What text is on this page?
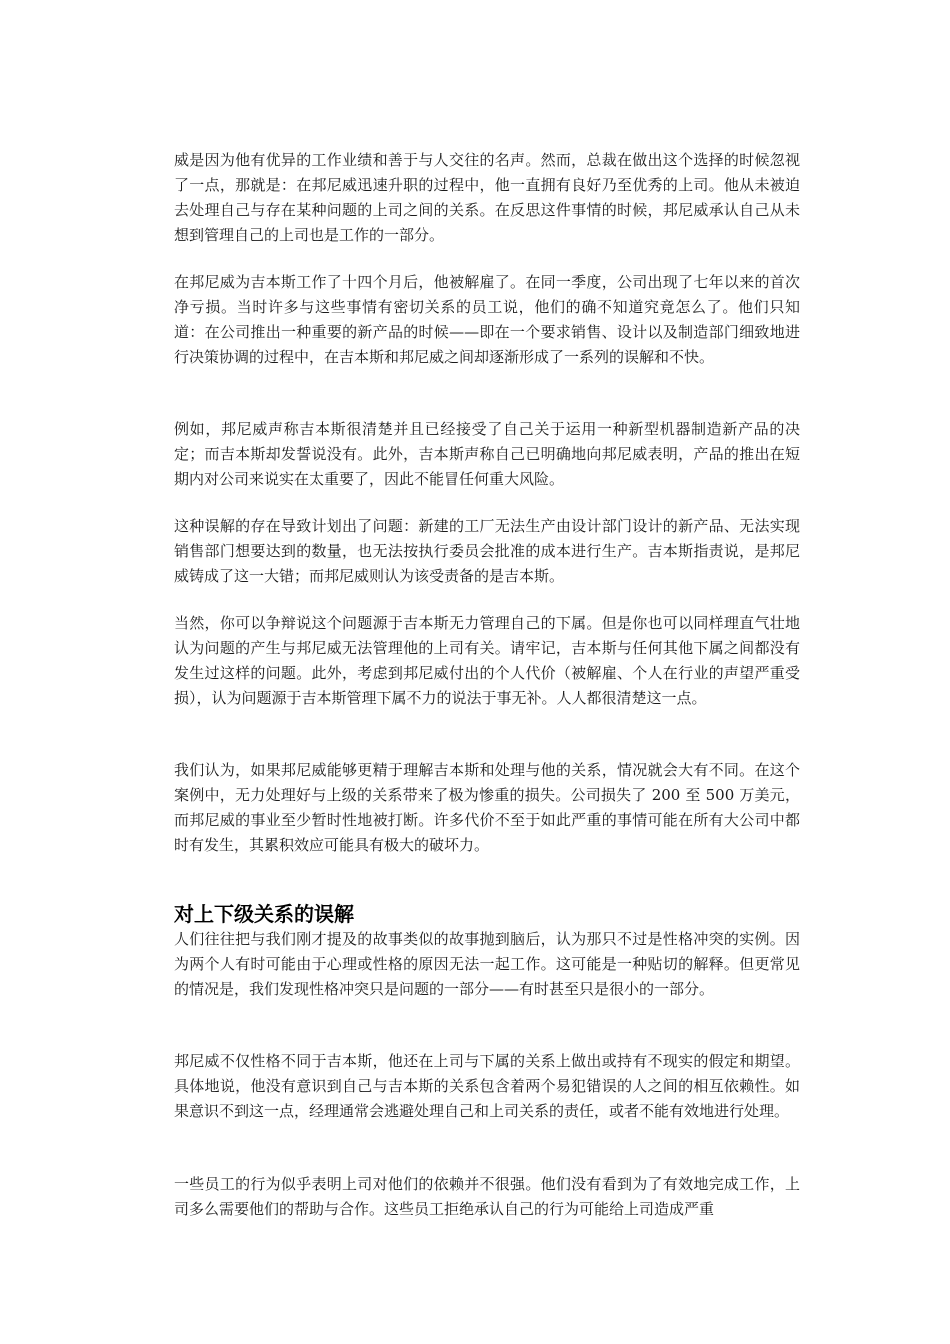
威是因为他有优异的工作业绩和善于与人交往的名声。然而，总裁在做出这个选择的时候忽视了一点，那就是：在邦尼威迅速升职的过程中，他一直拥有良好乃至优秀的上司。他从未被迫去处理自己与存在某种问题的上司之间的关系。在反思这件事情的时候，邦尼威承认自己从未想到管理自己的上司也是工作的一部分。

在邦尼威为吉本斯工作了十四个月后，他被解雇了。在同一季度，公司出现了七年以来的首次净亏损。当时许多与这些事情有密切关系的员工说，他们的确不知道究竟怎么了。他们只知道：在公司推出一种重要的新产品的时候——即在一个要求销售、设计以及制造部门细致地进行决策协调的过程中，在吉本斯和邦尼威之间却逐渐形成了一系列的误解和不快。

例如，邦尼威声称吉本斯很清楚并且已经接受了自己关于运用一种新型机器制造新产品的决定；而吉本斯却发誓说没有。此外，吉本斯声称自己已明确地向邦尼威表明，产品的推出在短期内对公司来说实在太重要了，因此不能冒任何重大风险。

这种误解的存在导致计划出了问题：新建的工厂无法生产由设计部门设计的新产品、无法实现销售部门想要达到的数量，也无法按执行委员会批准的成本进行生产。吉本斯指责说，是邦尼威铸成了这一大错；而邦尼威则认为该受责备的是吉本斯。

当然，你可以争辩说这个问题源于吉本斯无力管理自己的下属。但是你也可以同样理直气壮地认为问题的产生与邦尼威无法管理他的上司有关。请牢记，吉本斯与任何其他下属之间都没有发生过这样的问题。此外，考虑到邦尼威付出的个人代价（被解雇、个人在行业的声望严重受损），认为问题源于吉本斯管理下属不力的说法于事无补。人人都很清楚这一点。

我们认为，如果邦尼威能够更精于理解吉本斯和处理与他的关系，情况就会大有不同。在这个案例中，无力处理好与上级的关系带来了极为惨重的损失。公司损失了 200 至 500 万美元，而邦尼威的事业至少暂时性地被打断。许多代价不至于如此严重的事情可能在所有大公司中都时有发生，其累积效应可能具有极大的破坏力。

对上下级关系的误解

人们往往把与我们刚才提及的故事类似的故事抛到脑后，认为那只不过是性格冲突的实例。因为两个人有时可能由于心理或性格的原因无法一起工作。这可能是一种贴切的解释。但更常见的情况是，我们发现性格冲突只是问题的一部分——有时甚至只是很小的一部分。

邦尼威不仅性格不同于吉本斯，他还在上司与下属的关系上做出或持有不现实的假定和期望。具体地说，他没有意识到自己与吉本斯的关系包含着两个易犯错误的人之间的相互依赖性。如果意识不到这一点，经理通常会逃避处理自己和上司关系的责任，或者不能有效地进行处理。

一些员工的行为似乎表明上司对他们的依赖并不很强。他们没有看到为了有效地完成工作，上司多么需要他们的帮助与合作。这些员工拒绝承认自己的行为可能给上司造成严重
